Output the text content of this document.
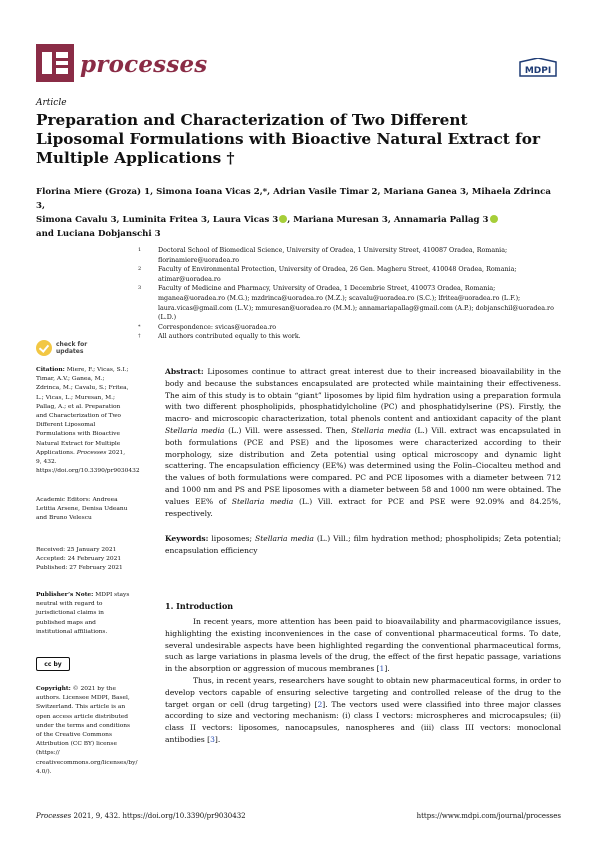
processes	MDPI
Article
Preparation and Characterization of Two Different Liposomal Formulations with Bioactive Natural Extract for Multiple Applications †
Florina Miere (Groza) 1, Simona Ioana Vicas 2,*, Adrian Vasile Timar 2, Mariana Ganea 3, Mihaela Zdrinca 3,
Simona Cavalu 3, Luminita Fritea 3, Laura Vicas 3 , Mariana Muresan 3, Annamaria Pallag 3
and Luciana Dobjanschi 3
1	Doctoral School of Biomedical Science, University of Oradea, 1 University Street, 410087 Oradea, Romania; florinamiere@uoradea.ro
2	Faculty of Environmental Protection, University of Oradea, 26 Gen. Magheru Street, 410048 Oradea, Romania; atimar@uoradea.ro
3	Faculty of Medicine and Pharmacy, University of Oradea, 1 Decembrie Street, 410073 Oradea, Romania; mganea@uoradea.ro (M.G.); mzdrinca@uoradea.ro (M.Z.); scavalu@uoradea.ro (S.C.); lfritea@uoradea.ro (L.F.); laura.vicas@gmail.com (L.V.); mmuresan@uoradea.ro (M.M.); annamariapallag@gmail.com (A.P.); dobjanschil@uoradea.ro (L.D.)
*	Correspondence: svicas@uoradea.ro
†	All authors contributed equally to this work.
check for
updates
Citation: Miere, F.; Vicas, S.I.; Timar, A.V.; Ganea, M.; Zdrinca, M.; Cavalu, S.; Fritea, L.; Vicas, L.; Muresan, M.; Pallag, A.; et al. Preparation and Characterization of Two Different Liposomal Formulations with Bioactive Natural Extract for Multiple Applications. Processes 2021, 9, 432. https://doi.org/10.3390/pr9030432
Academic Editors: Andreea Letitia Arsene, Denisa Udeanu and Bruno Velescu
Received: 25 January 2021
Accepted: 24 February 2021
Published: 27 February 2021
Publisher’s Note: MDPI stays neutral with regard to jurisdictional claims in published maps and institutional affiliations.
cc by
Copyright: © 2021 by the authors. Licensee MDPI, Basel, Switzerland. This article is an open access article distributed under the terms and conditions of the Creative Commons Attribution (CC BY) license (https:// creativecommons.org/licenses/by/ 4.0/).
Abstract: Liposomes continue to attract great interest due to their increased bioavailability in the body and because the substances encapsulated are protected while maintaining their effectiveness. The aim of this study is to obtain “giant” liposomes by lipid film hydration using a preparation formula with two different phospholipids, phosphatidylcholine (PC) and phosphatidylserine (PS). Firstly, the macro- and microscopic characterization, total phenols content and antioxidant capacity of the plant Stellaria media (L.) Vill. were assessed. Then, Stellaria media (L.) Vill. extract was encapsulated in both formulations (PCE and PSE) and the liposomes were characterized according to their morphology, size distribution and Zeta potential using optical microscopy and dynamic light scattering. The encapsulation efficiency (EE%) was determined using the Folin–Ciocalteu method and the values of both formulations were compared. PC and PCE liposomes with a diameter between 712 and 1000 nm and PS and PSE liposomes with a diameter between 58 and 1000 nm were obtained. The values EE% of Stellaria media (L.) Vill. extract for PCE and PSE were 92.09% and 84.25%, respectively.
Keywords: liposomes; Stellaria media (L.) Vill.; film hydration method; phospholipids; Zeta potential; encapsulation efficiency
1. Introduction

In recent years, more attention has been paid to bioavailability and pharmacovigilance issues, highlighting the existing inconveniences in the case of conventional pharmaceutical forms. To date, several undesirable aspects have been highlighted regarding the conventional pharmaceutical forms, such as large variations in plasma levels of the drug, the effect of the first hepatic passage, variations in the absorption or aggression of mucous membranes [1].

Thus, in recent years, researchers have sought to obtain new pharmaceutical forms, in order to develop vectors capable of ensuring selective targeting and controlled release of the drug to the target organ or cell (drug targeting) [2]. The vectors used were classified into three major classes according to size and vectoring mechanism: (i) class I vectors: microspheres and microcapsules; (ii) class II vectors: liposomes, nanocapsules, nanospheres and (iii) class III vectors: monoclonal antibodies [3].

Processes 2021, 9, 432. https://doi.org/10.3390/pr9030432	https://www.mdpi.com/journal/processes
